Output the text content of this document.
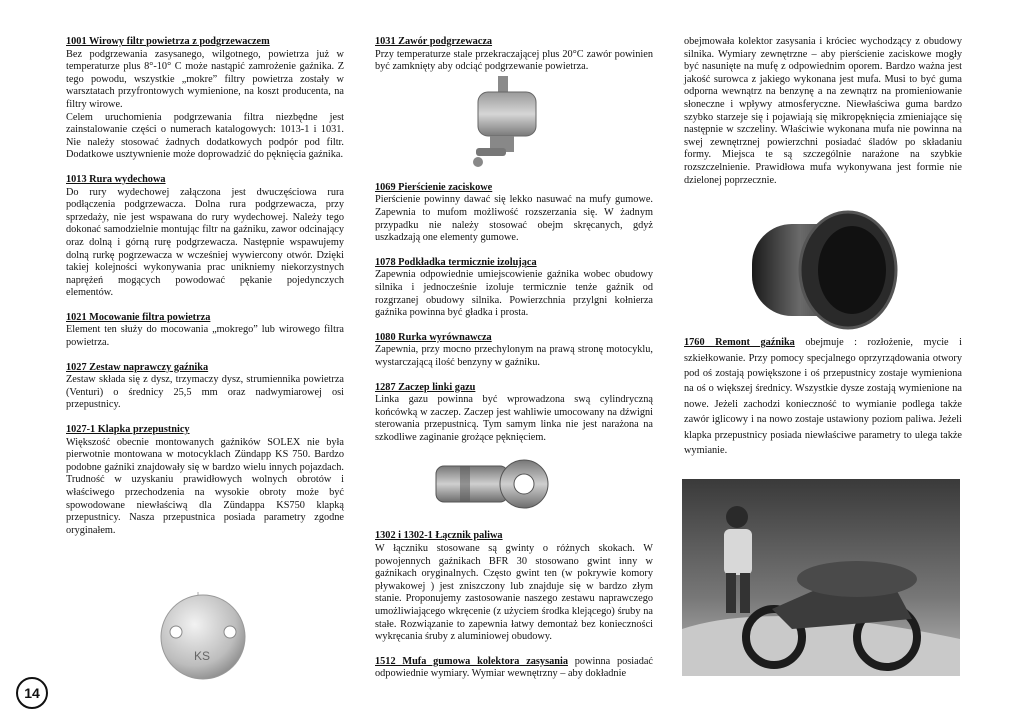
14
1001 Wirowy filtr powietrza z podgrzewaczem

Bez podgrzewania zasysanego, wilgotnego, powietrza już w temperaturze plus 8°-10° C może nastąpić zamrożenie gaźnika. Z tego powodu, wszystkie „mokre” filtry powietrza zostały w warsztatach przyfrontowych wymienione, na koszt producenta, na filtry wirowe.

Celem uruchomienia podgrzewania filtra niezbędne jest zainstalowanie części o numerach katalogowych: 1013-1 i 1031. Nie należy stosować żadnych dodatkowych podpór pod filtr. Dodatkowe usztywnienie może doprowadzić do pęknięcia gaźnika.

1013 Rura wydechowa

Do rury wydechowej załączona jest dwuczęściowa rura podłączenia podgrzewacza. Dolna rura podgrzewacza, przy sprzedaży, nie jest wspawana do rury wydechowej. Należy tego dokonać samodzielnie montując filtr na gaźniku, zawor odcinający oraz dolną i górną rurę podgrzewacza. Następnie wspawujemy dolną rurkę pogrzewacza w wcześniej wywiercony otwór. Dzięki takiej kolejności wykonywania prac unikniemy niekorzystnych naprężeń mogących powodować pękanie pojedynczych elementów.

1021 Mocowanie filtra powietrza

Element ten służy do mocowania „mokrego” lub wirowego filtra powietrza.

1027 Zestaw naprawczy gaźnika

Zestaw składa się z dysz, trzymaczy dysz, strumiennika powietrza (Venturi) o średnicy 25,5 mm oraz nadwymiarowej osi przepustnicy.

1027-1 Klapka przepustnicy

Większość obecnie montowanych gaźników SOLEX nie była pierwotnie montowana w motocyklach Zündapp KS 750. Bardzo podobne gaźniki znajdowały się w bardzo wielu innych pojazdach. Trudność w uzyskaniu prawidłowych wolnych obrotów i właściwego przechodzenia na wysokie obroty może być spowodowane niewłaściwą dla Zündappa KS750 klapką przepustnicy. Nasza przepustnica posiada parametry zgodne oryginałem.

1031 Zawór podgrzewacza

Przy temperaturze stale przekraczającej plus 20°C zawór powinien być zamknięty aby odciąć podgrzewanie powietrza.

1069 Pierścienie zaciskowe

Pierścienie powinny dawać się lekko nasuwać na mufy gumowe. Zapewnia to mufom możliwość rozszerzania się. W żadnym przypadku nie należy stosować obejm skręcanych, gdyż uszkadzają one elementy gumowe.

1078 Podkładka termicznie izolująca

Zapewnia odpowiednie umiejscowienie gaźnika wobec obudowy silnika i jednocześnie izoluje termicznie tenże gaźnik od rozgrzanej obudowy silnika. Powierzchnia przylgni kołnierza gaźnika powinna być gładka i prosta.

1080 Rurka wyrównawcza

Zapewnia, przy mocno przechylonym na prawą stronę motocyklu, wystarczającą ilość benzyny w gaźniku.

1287 Zaczep linki gazu

Linka gazu powinna być wprowadzona swą cylindryczną końcówką w zaczep. Zaczep jest wahliwie umocowany na dźwigni sterowania przepustnicą. Tym samym linka nie jest narażona na szkodliwe zaginanie grożące pęknięciem.

1302 i 1302-1 Łącznik paliwa

W łączniku stosowane są gwinty o różnych skokach. W powojennych gaźnikach BFR 30 stosowano gwint inny w gaźnikach oryginalnych. Często gwint ten (w pokrywie komory pływakowej ) jest zniszczony lub znajduje się w bardzo złym stanie. Proponujemy zastosowanie naszego zestawu naprawczego umożliwiającego wkręcenie (z użyciem środka klejącego) śruby na stałe. Rozwiązanie to zapewnia łatwy demontaż bez konieczności wykręcania śruby z aluminiowej obudowy.

1512 Mufa gumowa kolektora zasysania powinna posiadać odpowiednie wymiary. Wymiar wewnętrzny – aby dokładnie

obejmowała kolektor zasysania i króciec wychodzący z obudowy silnika. Wymiary zewnętrzne – aby pierścienie zaciskowe mogły być nasunięte na mufę z odpowiednim oporem. Bardzo ważna jest jakość surowca z jakiego wykonana jest mufa. Musi to być guma odporna wewnątrz na benzynę a na zewnątrz na promieniowanie słoneczne i wpływy atmosferyczne. Niewłaściwa guma bardzo szybko starzeje się i pojawiają się mikropęknięcia zmieniające się następnie w szczeliny. Właściwie wykonana mufa nie powinna na swej zewnętrznej powierzchni posiadać śladów po składaniu formy. Miejsca te są szczególnie narażone na szybkie rozszczelnienie. Prawidłowa mufa wykonywana jest formie nie dzielonej poprzecznie.

1760 Remont gaźnika obejmuje : rozłożenie, mycie i szkiełkowanie. Przy pomocy specjalnego oprzyrządowania otwory pod oś zostają powiększone i oś przepustnicy zostaje wymieniona na oś o większej średnicy. Wszystkie dysze zostają wymienione na nowe. Jeżeli zachodzi konieczność to wymianie podlega także zawór iglicowy i na nowo zostaje ustawiony poziom paliwa. Jeżeli klapka przepustnicy posiada niewłaściwe parametry to ulega także wymianie.

KS
